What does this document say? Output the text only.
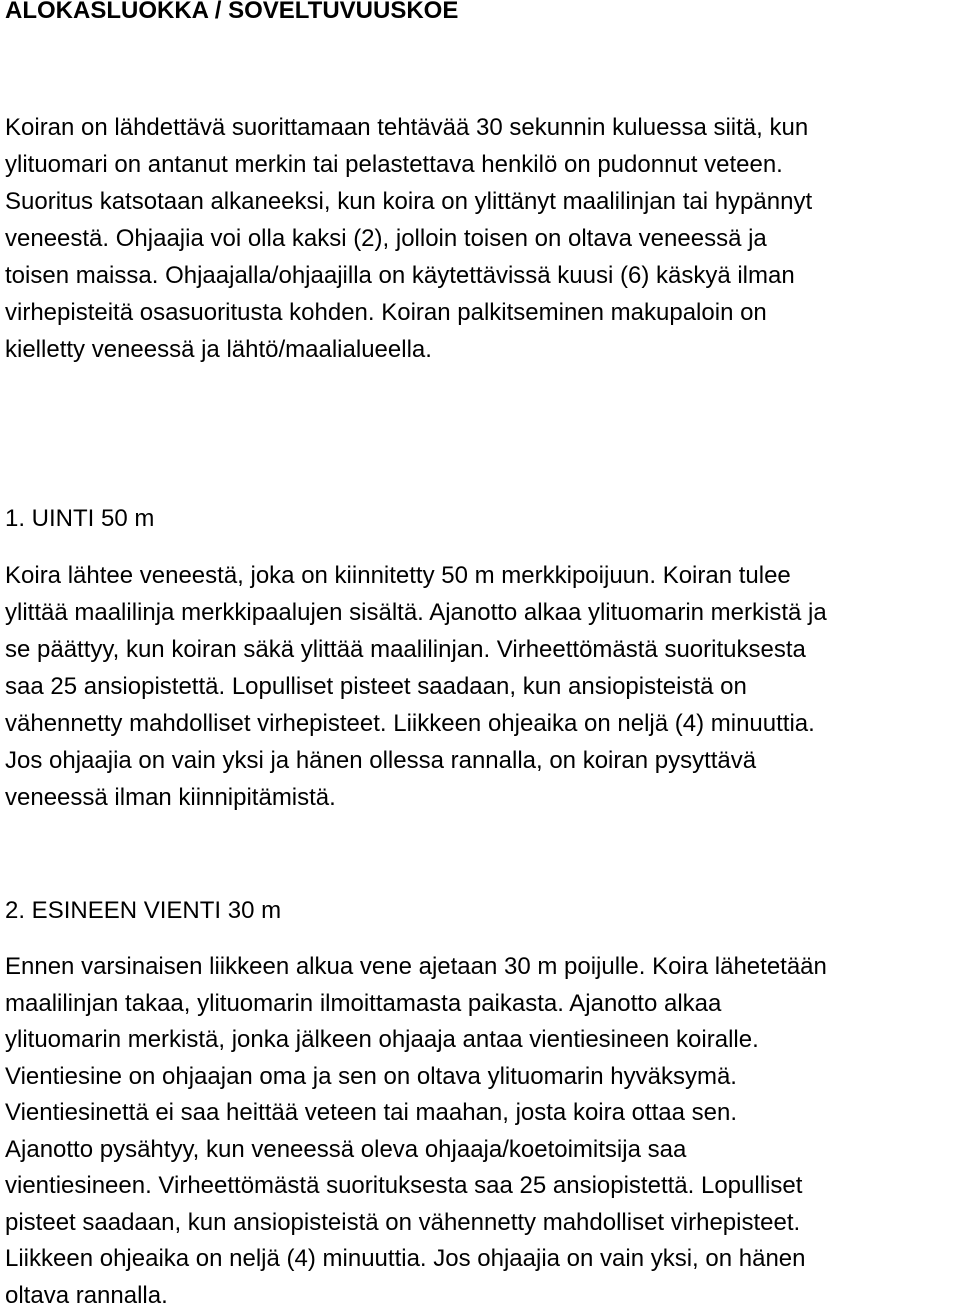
ALOKASLUOKKA / SOVELTUVUUSKOE
Koiran on lähdettävä suorittamaan tehtävää 30 sekunnin kuluessa siitä, kun
ylituomari on antanut merkin tai pelastettava henkilö on pudonnut veteen.
Suoritus katsotaan alkaneeksi, kun koira on ylittänyt maalilinjan tai hypännyt
veneestä. Ohjaajia voi olla kaksi (2), jolloin toisen on oltava veneessä ja
toisen maissa. Ohjaajalla/ohjaajilla on käytettävissä kuusi (6) käskyä ilman
virhepisteitä osasuoritusta kohden. Koiran palkitseminen makupaloin on
kielletty veneessä ja lähtö/maalialueella.
1. UINTI 50 m
Koira lähtee veneestä, joka on kiinnitetty 50 m merkkipoijuun. Koiran tulee
ylittää maalilinja merkkipaalujen sisältä. Ajanotto alkaa ylituomarin merkistä ja
se päättyy, kun koiran säkä ylittää maalilinjan. Virheettömästä suorituksesta
saa 25 ansiopistettä. Lopulliset pisteet saadaan, kun ansiopisteistä on
vähennetty mahdolliset virhepisteet. Liikkeen ohjeaika on neljä (4) minuuttia.
Jos ohjaajia on vain yksi ja hänen ollessa rannalla, on koiran pysyttävä
veneessä ilman kiinnipitämistä.
2. ESINEEN VIENTI 30 m
Ennen varsinaisen liikkeen alkua vene ajetaan 30 m poijulle. Koira lähetetään
maalilinjan takaa, ylituomarin ilmoittamasta paikasta. Ajanotto alkaa
ylituomarin merkistä, jonka jälkeen ohjaaja antaa vientiesineen koiralle.
Vientiesine on ohjaajan oma ja sen on oltava ylituomarin hyväksymä.
Vientiesinettä ei saa heittää veteen tai maahan, josta koira ottaa sen.
Ajanotto pysähtyy, kun veneessä oleva ohjaaja/koetoimitsija saa
vientiesineen. Virheettömästä suorituksesta saa 25 ansiopistettä. Lopulliset
pisteet saadaan, kun ansiopisteistä on vähennetty mahdolliset virhepisteet.
Liikkeen ohjeaika on neljä (4) minuuttia. Jos ohjaajia on vain yksi, on hänen
oltava rannalla.
